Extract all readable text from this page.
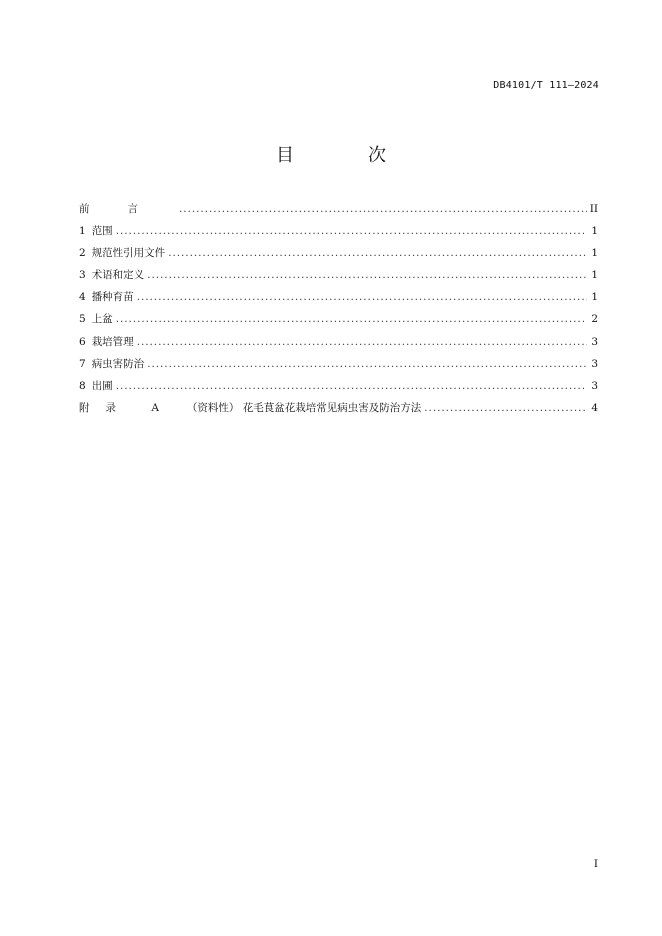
DB4101/T 111—2024
目　次
前言 . . .	II
1 范围 . . .	1
2 规范性引用文件 . . .	1
3 术语和定义 . . .	1
4 播种育苗 . . .	1
5 上盆 . . .	2
6 栽培管理 . . .	3
7 病虫害防治 . . .	3
8 出圃 . . .	3
附录 A （资料性） 花毛茛盆花栽培常见病虫害及防治方法 . . .	4
I
